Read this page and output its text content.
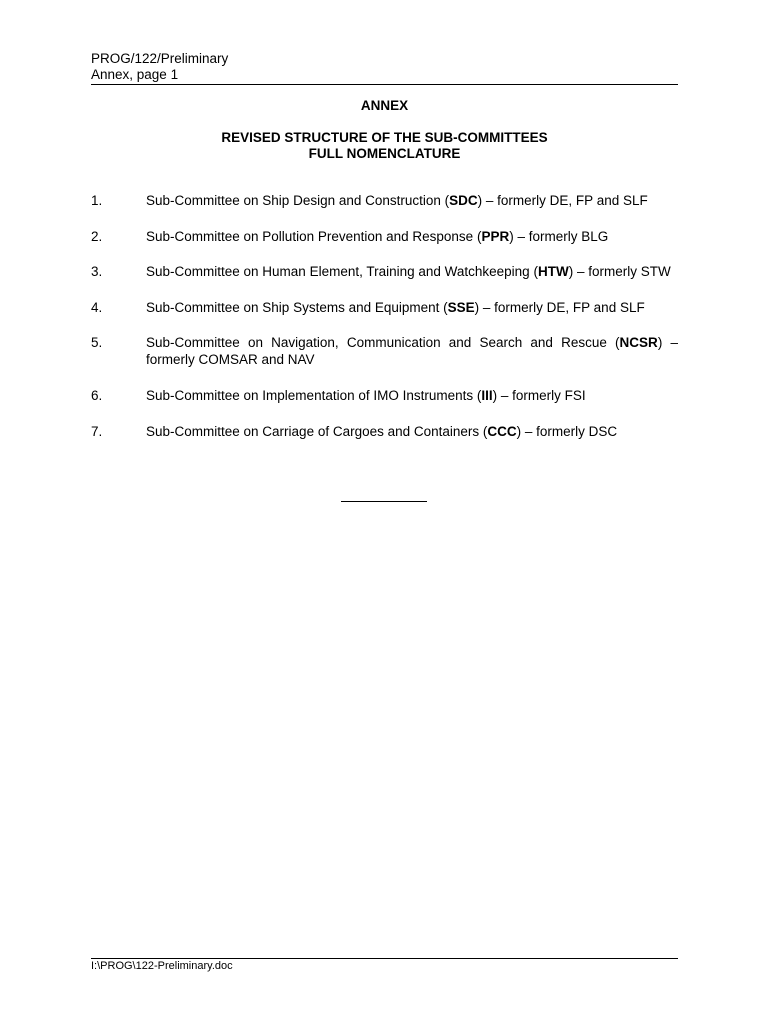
PROG/122/Preliminary
Annex, page 1
ANNEX
REVISED STRUCTURE OF THE SUB-COMMITTEES
FULL NOMENCLATURE
1.	Sub-Committee on Ship Design and Construction (SDC) – formerly DE, FP and SLF
2.	Sub-Committee on Pollution Prevention and Response (PPR) – formerly BLG
3.	Sub-Committee on Human Element, Training and Watchkeeping (HTW) – formerly STW
4.	Sub-Committee on Ship Systems and Equipment (SSE) – formerly DE, FP and SLF
5.	Sub-Committee on Navigation, Communication and Search and Rescue (NCSR) – formerly COMSAR and NAV
6.	Sub-Committee on Implementation of IMO Instruments (III) – formerly FSI
7.	Sub-Committee on Carriage of Cargoes and Containers (CCC) – formerly DSC
I:\PROG\122-Preliminary.doc
